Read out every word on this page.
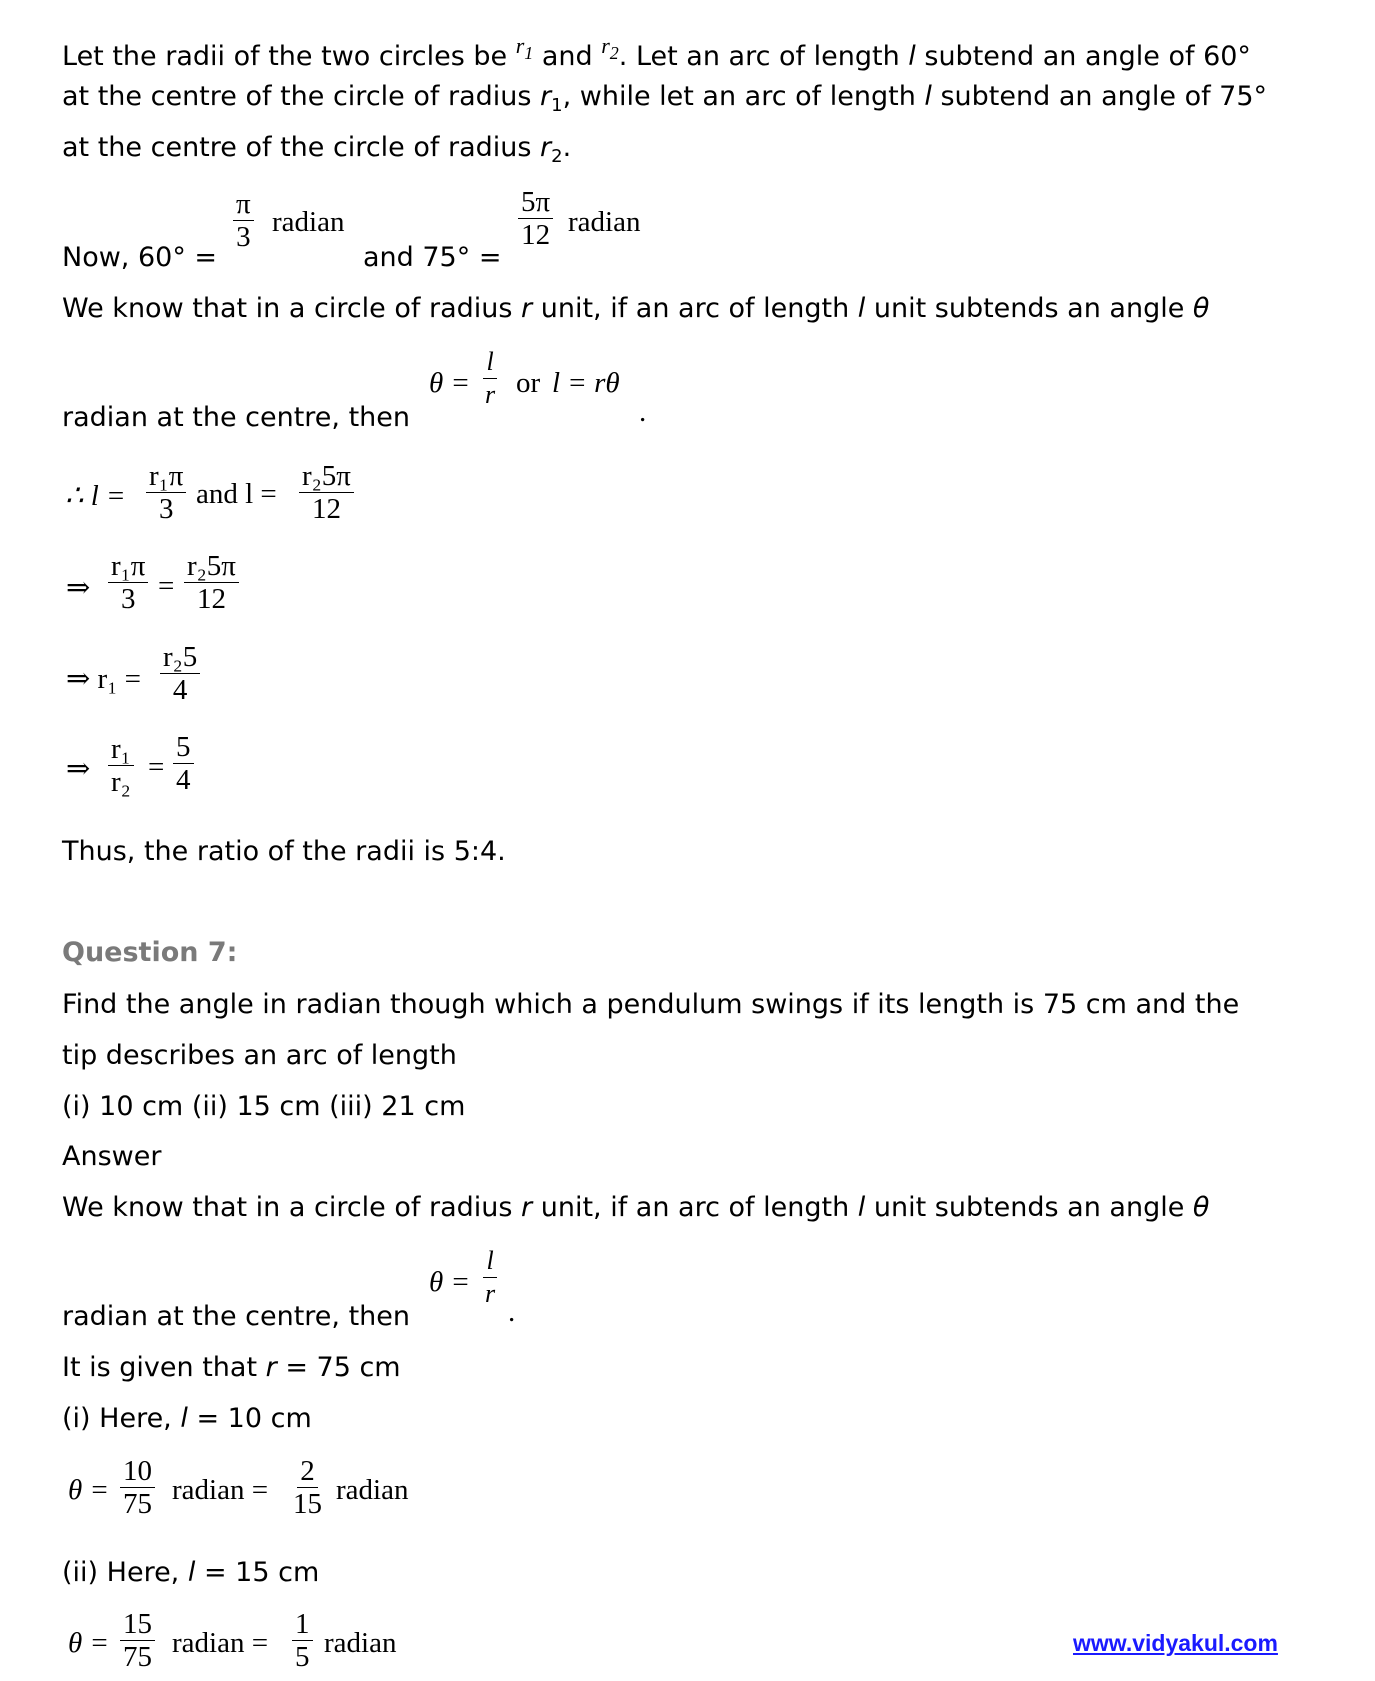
Let the radii of the two circles be $^{r_1}$ and $^{r_2}$. Let an arc of length l subtend an angle of 60°
at the centre of the circle of radius $r_1$, while let an arc of length l subtend an angle of 75°
at the centre of the circle of radius $r_2$.
Now, 60° =
$\frac{\pi}{3}$ radian
and 75° =
$\frac{5\pi}{12}$ radian
We know that in a circle of radius r unit, if an arc of length l unit subtends an angle θ
radian at the centre, then
$\theta = \frac{l}{r}$ or l = rθ
.
∴ $l = \frac{\text{r₁π}}{3}$ and $l = \frac{\text{r₂5π}}{12}$
⇒ $\frac{\text{r₁π}}{3} = \frac{\text{r₂5π}}{12}$
⇒ $r_1 = \frac{\text{r₂5}}{4}$
⇒ $\frac{\text{r₁}}{\text{r₂}} = \frac{5}{4}$
Thus, the ratio of the radii is 5:4.
Question 7:
Find the angle in radian though which a pendulum swings if its length is 75 cm and the
tip describes an arc of length
(i) 10 cm (ii) 15 cm (iii) 21 cm
Answer
We know that in a circle of radius r unit, if an arc of length l unit subtends an angle θ
radian at the centre, then
$\theta = \frac{l}{r}$
.
It is given that r = 75 cm
(i) Here, l = 10 cm
$\theta = \frac{10}{75}$ radian = $\frac{2}{15}$ radian
(ii) Here, l = 15 cm
$\theta = \frac{15}{75}$ radian = $\frac{1}{5}$ radian	www.vidyakul.com
